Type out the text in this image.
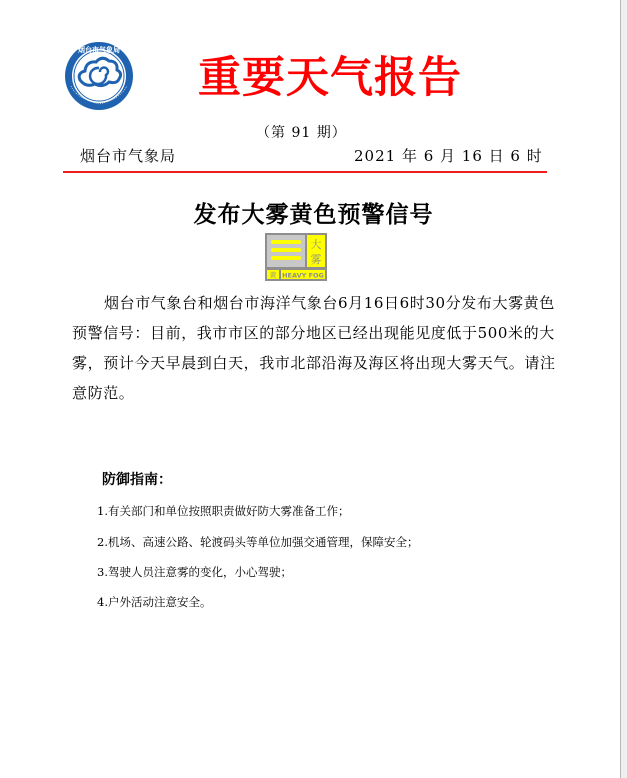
烟台市气象局
重要天气报告
（第 91 期）
烟台市气象局	2021 年 6 月 16 日 6 时
发布大雾黄色预警信号
大
雾
黄 HEAVY FOG
烟台市气象台和烟台市海洋气象台6月16日6时30分发布大雾黄色预警信号：目前，我市市区的部分地区已经出现能见度低于500米的大雾，预计今天早晨到白天，我市北部沿海及海区将出现大雾天气。请注意防范。
防御指南：
1.有关部门和单位按照职责做好防大雾准备工作；
2.机场、高速公路、轮渡码头等单位加强交通管理，保障安全；
3.驾驶人员注意雾的变化，小心驾驶；
4.户外活动注意安全。
